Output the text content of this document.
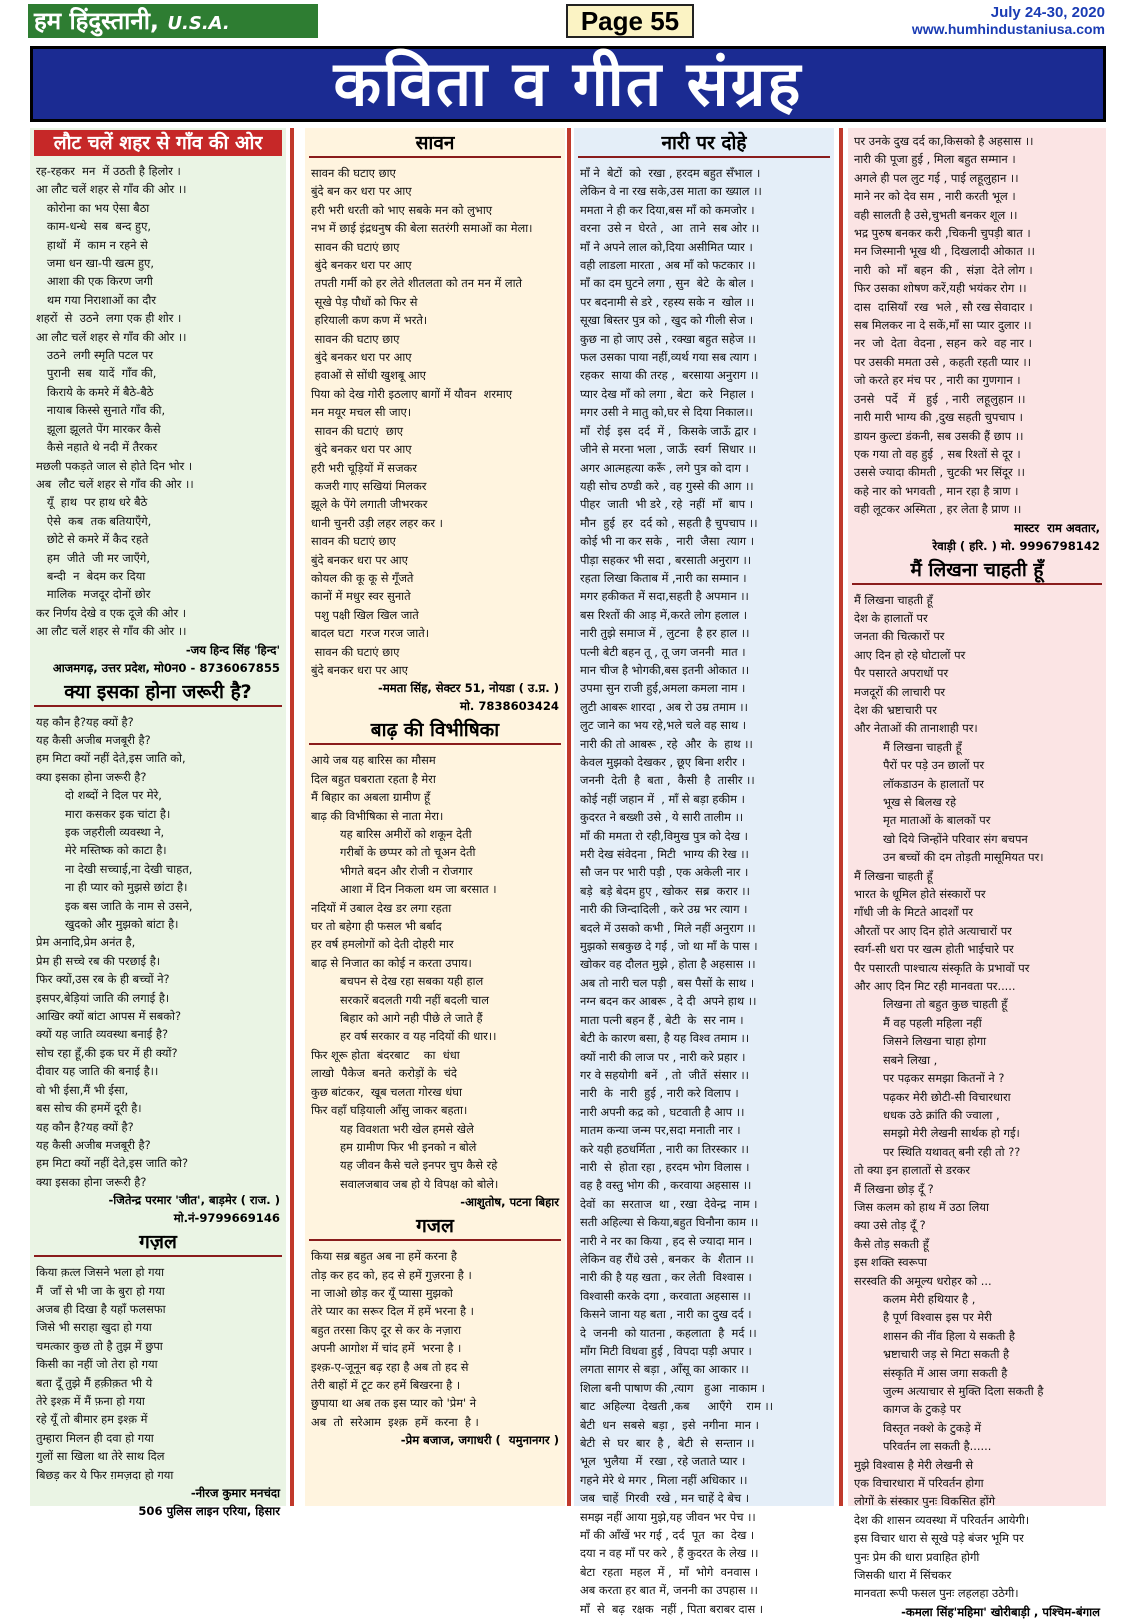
हम हिंदुस्तानी, U.S.A.	Page 55	July 24-30, 2020
www.humhindustaniusa.com
कविता व गीत संग्रह
लौट चलें शहर से गाँव की ओर
रह-रहकर  मन  में उठती है हिलोर ।
आ लौट चलें शहर से गाँव की ओर ।।
कोरोना का भय ऐसा बैठा
काम-धन्धे  सब  बन्द हुए,
हाथों  में  काम न रहने से
जमा धन खा-पी खत्म हुए,
आशा की एक किरण जगी
थम गया निराशाओं का दौर
शहरों  से  उठने  लगा एक ही शोर ।
आ लौट चलें शहर से गाँव की ओर ।।
उठने  लगी स्मृति पटल पर
पुरानी  सब  यादें  गाँव की,
किराये के कमरे में बैठे-बैठे
नायाब किस्से सुनाते गाँव की,
झूला झूलते पेंग मारकर कैसे
कैसे नहाते थे नदी में तैरकर
मछली पकड़ते जाल से होते दिन भोर ।
अब  लौट चलें शहर से गाँव की ओर ।।
यूँ  हाथ  पर हाथ धरे बैठे
ऐसे  कब  तक बतियाएँगे,
छोटे से कमरे में कैद रहते
हम  जीते  जी मर जाएँगे,
बन्दी  न  बेदम कर दिया
मालिक  मजदूर दोनों छोर
कर निर्णय देखे व एक दूजे की ओर ।
आ लौट चलें शहर से गाँव की ओर ।।
-जय हिन्द सिंह 'हिन्द'
आजमगढ़, उत्तर प्रदेश, मो0न0 - 8736067855
क्या इसका होना जरूरी है?
यह कौन है?यह क्यों है?
यह कैसी अजीब मजबूरी है?
हम मिटा क्यों नहीं देते,इस जाति को,
क्या इसका होना जरूरी है?
दो शब्दों ने दिल पर मेरे,
मारा कसकर इक चांटा है।
इक जहरीली व्यवस्था ने,
मेरे मस्तिष्क को काटा है।
ना देखी सच्चाई,ना देखी चाहत,
ना ही प्यार को मुझसे छांटा है।
इक बस जाति के नाम से उसने,
खुदको और मुझको बांटा है।
प्रेम अनादि,प्रेम अनंत है,
प्रेम ही सच्चे रब की परछाई है।
फिर क्यों,उस रब के ही बच्चों ने?
इसपर,बेड़ियां जाति की लगाई है।
आखिर क्यों बांटा आपस में सबको?
क्यों यह जाति व्यवस्था बनाई है?
सोच रहा हूँ,की इक घर में ही क्यों?
दीवार यह जाति की बनाई है।।
वो भी ईसा,मैं भी ईसा,
बस सोच की हममें दूरी है।
यह कौन है?यह क्यों है?
यह कैसी अजीब मजबूरी है?
हम मिटा क्यों नहीं देते,इस जाति को?
क्या इसका होना जरूरी है?
-जितेन्द्र परमार 'जीत', बाड़मेर ( राज. )
मो.नं-9799669146
गज़ल
किया क़त्ल जिसने भला हो गया
मैं  जाँ से भी जा के बुरा हो गया
अजब ही दिखा है यहाँ फलसफा
जिसे भी सराहा खुदा हो गया
चमत्कार कुछ तो है तुझ में छुपा
किसी का नहीं जो तेरा हो गया
बता दूँ तुझे मैं हक़ीक़त भी ये
तेरे इश्क़ में मैं फ़ना हो गया
रहे यूँ तो बीमार हम इश्क़ में
तुम्हारा मिलन ही दवा हो गया
गुलों सा खिला था तेरे साथ दिल
बिछड़ कर ये फिर ग़मज़दा हो गया
-नीरज कुमार मनचंदा
506 पुलिस लाइन एरिया, हिसार
सावन
सावन की घटाए छाए
बुंदे बन कर धरा पर आए
हरी भरी धरती को भाए सबके मन को लुभाए
नभ में छाई इंद्रधनुष की बेला सतरंगी समाओं का मेला।
सावन की घटाएं छाए
बुंदे बनकर धरा पर आए
तपती गर्मी को हर लेते शीतलता को तन मन में लाते
सूखे पेड़ पौधों को फिर से
हरियाली कण कण में भरते।
सावन की घटाए छाए
बुंदे बनकर धरा पर आए
हवाओं से सोंधी खुशबू आए
पिया को देख गोरी इठलाए बागों में यौवन  शरमाए
मन मयूर मचल सी जाए।
सावन की घटाएं  छाए
बुंदे बनकर धरा पर आए
हरी भरी चूड़ियों में सजकर
कजरी गाए सखियां मिलकर
झूले के पेंगे लगाती जीभरकर
धानी चुनरी उड़ी लहर लहर कर ।
सावन की घटाएं छाए
बुंदे बनकर धरा पर आए
कोयल की कू कू से गूँजते
कानों में मधुर स्वर सुनाते
पशु पक्षी खिल खिल जाते
बादल घटा  गरज गरज जाते।
सावन की घटाएं छाए
बुंदे बनकर धरा पर आए
-ममता सिंह, सेक्टर 51, नोयडा ( उ.प्र. )
मो. 7838603424
बाढ़ की विभीषिका
आये जब यह बारिस का मौसम
दिल बहुत घबराता रहता है मेरा
मैं बिहार का अबला ग्रामीण हूँ
बाढ़ की विभीषिका से नाता मेरा।
यह बारिस अमीरों को शकून देती
गरीबों के छप्पर को तो चूअन देती
भीगते बदन और रोजी न रोजगार
आशा में दिन निकला थम जा बरसात ।
नदियों में उबाल देख डर लगा रहता
घर तो बहेगा ही फसल भी बर्बाद
हर वर्ष हमलोगों को देती दोहरी मार
बाढ़ से निजात का कोई न करता उपाय।
बचपन से देख रहा सबका यही हाल
सरकारें बदलती गयी नहीं बदली चाल
बिहार को आगे नही पीछे ले जाते हैं
हर वर्ष सरकार व यह नदियों की धार।।
फिर शूरू होता  बंदरबाट    का  धंधा
लाखो  पैकेज  बनते  करोड़ों के  चंदे
कुछ बांटकर,  खूब चलता गोरख धंघा
फिर वहाँ घड़ियाली आँसु जाकर बहता।
यह विवशता भरी खेल हमसे खेले
हम ग्रामीण फिर भी इनको न बोले
यह जीवन कैसे चले इनपर चुप कैसे रहे
सवालजबाव जब हो ये विपक्ष को बोले।
-आशुतोष, पटना बिहार
गजल
किया सब्र बहुत अब ना हमें करना है
तोड़ कर हद को, हद से हमें गुज़रना है ।
ना जाओ छोड़ कर यूँ प्यासा मुझको
तेरे प्यार का सरूर दिल में हमें भरना है ।
बहुत तरसा किए दूर से कर के नज़ारा
अपनी आगोश में चांद हमें  भरना है ।
इश्क़-ए-जूनून बढ़ रहा है अब तो हद से
तेरी बाहों में टूट कर हमें बिखरना है ।
छुपाया था अब तक इस प्यार को 'प्रेम' ने
अब  तो  सरेआम  इश्क़  हमें  करना  है ।
-प्रेम बजाज, जगाधरी (  यमुनानगर )
नारी पर दोहे
माँ ने  बेटों  को  रखा , हरदम बहुत सँभाल ।
लेकिन वे ना रख सके,उस माता का ख्याल ।।
ममता ने ही कर दिया,बस माँ को कमजोर ।
वरना  उसे न  घेरते ,  आ  ताने  सब ओर ।।
माँ ने अपने लाल को,दिया असीमित प्यार ।
वही लाडला मारता , अब माँ को फटकार ।।
माँ का दम घुटने लगा , सुन  बेटे  के बोल ।
पर बदनामी से डरे , रहस्य सके न  खोल ।।
सूखा बिस्तर पुत्र को , खुद को गीली सेज ।
कुछ ना हो जाए उसे , रक्खा बहुत सहेज ।।
फल उसका पाया नहीं,व्यर्थ गया सब त्याग ।
रहकर  साया की तरह ,  बरसाया अनुराग ।।
प्यार देख माँ को लगा , बेटा  करे  निहाल ।
मगर उसी ने मातु को,घर से दिया निकाल।।
माँ  रोई  इस  दर्द  में ,  किसके जाऊँ द्वार ।
जीने से मरना भला , जाऊँ  स्वर्ग  सिधार ।।
अगर आत्महत्या करूँ , लगे पुत्र को दाग ।
यही सोच ठण्डी करे , वह गुस्से की आग ।।
पीहर  जाती  भी डरे , रहे  नहीं  माँ  बाप ।
मौन  हुई  हर  दर्द को , सहती है चुपचाप ।।
कोई भी ना कर सके ,  नारी  जैसा  त्याग ।
पीड़ा सहकर भी सदा , बरसाती अनुराग ।।
रहता लिखा किताब में ,नारी का सम्मान ।
मगर हकीकत में सदा,सहती है अपमान ।।
बस रिश्तों की आड़ में,करते लोग हलाल ।
नारी तुझे समाज में , लुटना  है हर हाल ।।
पत्नी बेटी बहन तू , तू जग जननी  मात ।
मान चीज है भोगकी,बस इतनी ओकात ।।
उपमा सुन राजी हुई,अमला कमला नाम ।
लुटी आबरू शारदा , अब रो उम्र तमाम ।।
लुट जाने का भय रहे,भले चले वह साथ ।
नारी की तो आबरू , रहे  और  के  हाथ ।।
केवल मुझको देखकर , छूए बिना शरीर ।
जननी  देती  है  बता ,  कैसी  है  तासीर ।।
कोई नहीं जहान में  , माँ से बड़ा हकीम ।
कुदरत ने बख्शी उसे , ये सारी तालीम ।।
माँ की ममता रो रही,विमुख पुत्र को देख ।
मरी देख संवेदना , मिटी  भाग्य की रेख ।।
सौ जन पर भारी पड़ी , एक अकेली नार ।
बड़े  बड़े बेदम हुए , खोकर  सब्र  करार ।।
नारी की जिन्दादिली , करे उम्र भर त्याग ।
बदले में उसको कभी , मिले नहीं अनुराग ।।
मुझको सबकुछ दे गई , जो था माँ के पास ।
खोकर वह दौलत मुझे , होता है अहसास ।।
अब तो नारी चल पड़ी , बस पैसों के साथ ।
नग्न बदन कर आबरू , दे दी  अपने हाथ ।।
माता पत्नी बहन हैं , बेटी  के  सर नाम ।
बेटी के कारण बसा, है यह विश्व तमाम ।।
क्यों नारी की लाज पर , नारी करे प्रहार ।
गर वे सहयोगी  बनें  , तो  जीतें  संसार ।।
नारी  के  नारी  हुई , नारी करे विलाप ।
नारी अपनी कद्र को , घटवाती है आप ।।
मातम कन्या जन्म पर,सदा मनाती नार ।
करे यही हठधर्मिता , नारी का तिरस्कार ।।
नारी  से  होता रहा , हरदम भोग विलास ।
वह है वस्तु भोग की , करवाया अहसास ।।
देवों  का  सरताज  था , रखा  देवेन्द्र  नाम ।
सती अहिल्या से किया,बहुत घिनौना काम ।।
नारी ने नर का किया , हद से ज्यादा मान ।
लेकिन वह रौंधे उसे , बनकर  के  शैतान ।।
नारी की है यह खता , कर लेती  विश्वास ।
विश्वासी करके दगा , करवाता अहसास ।।
किसने जाना यह बता , नारी का दुख दर्द ।
दे  जननी  को यातना , कहलाता  है  मर्द ।।
माँग मिटी विधवा हुई , विपदा पड़ी अपार ।
लगता सागर से बड़ा , आँसू का आकार ।।
शिला बनी पाषाण की ,त्याग   हुआ  नाकाम ।
बाट  अहिल्या  देखती ,कब     आएँगे    राम ।।
बेटी  धन  सबसे  बड़ा ,  इसे  नगीना  मान ।
बेटी  से  घर  बार  है ,  बेटी  से  सन्तान ।।
भूल  भुलैया  में  रखा , रहे जताते प्यार ।
गहने मेरे थे मगर , मिला नहीं अधिकार ।।
जब  चाहें  गिरवी  रखे , मन चाहें दे बेच ।
समझ नहीं आया मुझे,यह जीवन भर पेच ।।
माँ की आँखें भर गई , दर्द  पूत  का  देख ।
दया न वह माँ पर करे , हैं कुदरत के लेख ।।
बेटा  रहता  महल  में ,  माँ  भोगे  वनवास ।
अब करता हर बात में, जननी का उपहास ।।
माँ  से  बढ़  रक्षक  नहीं , पिता बराबर दास ।
पर उनके दुख दर्द का,किसको है अहसास ।।
नारी की पूजा हुई , मिला बहुत सम्मान ।
अगले ही पल लुट गई , पाई लहूलुहान ।।
माने नर को देव सम , नारी करती भूल ।
वही सालती है उसे,चुभती बनकर शूल ।।
भद्र पुरुष बनकर करी ,चिकनी चुपड़ी बात ।
मन जिस्मानी भूख थी , दिखलादी ओकात ।।
नारी  को  माँ  बहन  की ,  संज्ञा  देते लोग ।
फिर उसका शोषण करें,यही भयंकर रोग ।।
दास  दासियाँ  रख  भले , सौ रख सेवादार ।
सब मिलकर ना दे सकें,माँ सा प्यार दुलार ।।
नर  जो  देता  वेदना , सहन  करे  वह नार ।
पर उसकी ममता उसे , कहती रहती प्यार ।।
जो करते हर मंच पर , नारी का गुणगान ।
उनसे   पर्दे   में   हुई  , नारी  लहूलुहान ।।
नारी मारी भाग्य की ,दुख सहती चुपचाप ।
डायन कुल्टा डंकनी, सब उसकी हैं छाप ।।
एक गया तो वह हुई  , सब रिश्तों से दूर ।
उससे ज्यादा कीमती , चुटकी भर सिंदूर ।।
कहे नार को भगवती , मान रहा है त्राण ।
वही लूटकर अस्मिता , हर लेता है प्राण ।।
मास्टर  राम अवतार,
रेवाड़ी ( हरि. ) मो. 9996798142
मैं लिखना चाहती हूँ
मैं लिखना चाहती हूँ
देश के हालातों पर
जनता की चित्कारों पर
आए दिन हो रहे घोटालों पर
पैर पसारते अपराधों पर
मजदूरों की लाचारी पर
देश की भ्रष्टाचारी पर
और नेताओं की तानाशाही पर।
मैं लिखना चाहती हूँ
पैरों पर पड़े उन छालों पर
लॉकडाउन के हालातों पर
भूख से बिलख रहे
मृत माताओं के बालकों पर
खो दिये जिन्होंने परिवार संग बचपन
उन बच्चों की दम तोड़ती मासूमियत पर।
मैं लिखना चाहती हूँ
भारत के धूमिल होते संस्कारों पर
गाँधी जी के मिटते आदर्शों पर
औरतों पर आए दिन होते अत्याचारों पर
स्वर्ग-सी धरा पर खत्म होती भाईचारे पर
पैर पसारती पाश्चात्य संस्कृति के प्रभावों पर
और आए दिन मिट रही मानवता पर.....
लिखना तो बहुत कुछ चाहती हूँ
मैं वह पहली महिला नहीं
जिसने लिखना चाहा होगा
सबने लिखा ,
पर पढ़कर समझा कितनों ने ?
पढ़कर मेरी छोटी-सी विचारधारा
धधक उठे क्रांति की ज्वाला ,
समझो मेरी लेखनी सार्थक हो गई।
पर स्थिति यथावत् बनी रही तो ??
तो क्या इन हालातों से डरकर
मैं लिखना छोड़ दूँ ?
जिस कलम को हाथ में उठा लिया
क्या उसे तोड़ दूँ ?
कैसे तोड़ सकती हूँ
इस शक्ति स्वरूपा
सरस्वति की अमूल्य धरोहर को ...
कलम मेरी हथियार है ,
है पूर्ण विश्वास इस पर मेरी
शासन की नींव हिला ये सकती है
भ्रष्टाचारी जड़ से मिटा सकती है
संस्कृति में आस जगा सकती है
जुल्म अत्याचार से मुक्ति दिला सकती है
कागज के टुकड़े पर
विस्तृत नक्शे के टुकड़े में
परिवर्तन ला सकती है......
मुझे विश्वास है मेरी लेखनी से
एक विचारधारा में परिवर्तन होगा
लोगों के संस्कार पुनः विकसित होंगे
देश की शासन व्यवस्था में परिवर्तन आयेगी।
इस विचार धारा से सूखे पड़े बंजर भूमि पर
पुनः प्रेम की धारा प्रवाहित होगी
जिसकी धारा में सिंचकर
मानवता रूपी फसल पुनः लहलहा उठेगी।
-कमला सिंह'महिमा' खोरीबाड़ी , पश्चिम-बंगाल
